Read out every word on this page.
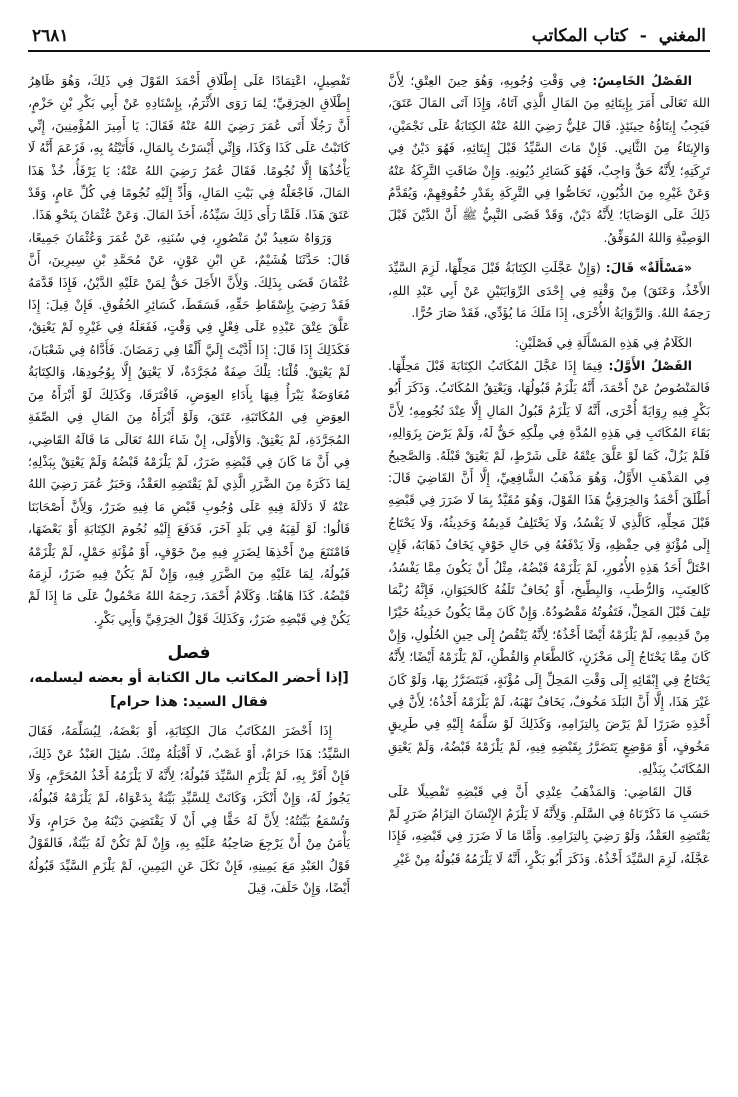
المغني - كتاب المكاتب
٢٦٨١

الفَصْلُ الخَامِسُ: فِي وَقْتِ وُجُوبِهِ، وَهُوَ حِينَ العِتْقِ؛ لِأَنَّ اللهَ تَعَالَى أَمَرَ بِإِيتَائِهِ مِنَ المَالِ الَّذِي آتَاهُ، وَإِذَا آتَى المَالَ عَتَقَ، فَيَجِبُ إِيتَاؤُهُ حِينَئِذٍ. قَالَ عَلِيٌّ رَضِيَ اللهُ عَنْهُ الكِتَابَةُ عَلَى نَجْمَيْنِ، وَالإِيتَاءُ مِنَ الثَّانِي. فَإِنْ مَاتَ السَّيِّدُ قَبْلَ إِيتَائِهِ، فَهُوَ دَيْنٌ فِي تَرِكَتِهِ؛ لِأَنَّهُ حَقٌّ وَاجِبٌ، فَهُوَ كَسَائِرِ دُيُونِهِ. وَإِنْ ضَاقَتِ التَّرِكَةُ عَنْهُ وَعَنْ غَيْرِهِ مِنَ الدُّيُونِ، تَحَاصُّوا فِي التَّرِكَةِ بِقَدْرِ حُقُوقِهِمْ، وَيُقَدَّمُ ذَلِكَ عَلَى الوَصَايَا؛ لِأَنَّهُ دَيْنٌ، وَقَدْ قَضَى النَّبِيُّ ﷺ أَنَّ الدَّيْنَ قَبْلَ الوَصِيَّةِ وَاللهُ المُوَفِّقُ.

«مَسْأَلَةٌ» قَالَ: (وَإِنْ عَجَّلَتِ الكِتَابَةُ قَبْلَ مَحِلِّهَا، لَزِمَ السَّيِّدَ الأَخْذُ، وَعَتَقَ) مِنْ وَقْتِهِ فِي إِحْدَى الرِّوَايَتَيْنِ عَنْ أَبِي عَبْدِ اللهِ، رَحِمَهُ اللهُ. وَالرِّوَايَةُ الأُخْرَى، إِذَا مَلَكَ مَا يُؤَدِّي، فَقَدْ صَارَ حُرًّا.

الكَلَامُ فِي هَذِهِ المَسْأَلَةِ فِي فَصْلَيْنِ:

الفَصْلُ الأَوَّلُ: فِيمَا إِذَا عَجَّلَ المُكَاتَبُ الكِتَابَةَ قَبْلَ مَحِلِّهَا. فَالمَنْصُوصُ عَنْ أَحْمَدَ، أَنَّهُ يَلْزَمُ قَبُولُهَا، وَيَعْتِقُ المُكَاتَبُ. وَذَكَرَ أَبُو بَكْرٍ فِيهِ رِوَايَةً أُخْرَى، أَنَّهُ لَا يَلْزَمُ قَبُولُ المَالِ إِلَّا عِنْدَ نُجُومِهِ؛ لِأَنَّ بَقَاءَ المُكَاتَبِ فِي هَذِهِ المُدَّةِ فِي مِلْكِهِ حَقٌّ لَهُ، وَلَمْ يَرْضَ بِزَوَالِهِ، فَلَمْ يَزُلْ، كَمَا لَوْ عَلَّقَ عِتْقَهُ عَلَى شَرْطٍ، لَمْ يَعْتِقْ قَبْلَهُ. وَالصَّحِيحُ فِي المَذْهَبِ الأَوَّلُ، وَهُوَ مَذْهَبُ الشَّافِعِيِّ، إِلَّا أَنَّ القَاضِيَ قَالَ: أَطْلَقَ أَحْمَدُ وَالخِرَقِيُّ هَذَا القَوْلَ، وَهُوَ مُقَيَّدٌ بِمَا لَا ضَرَرَ فِي قَبْضِهِ قَبْلَ مَحِلِّهِ، كَالَّذِي لَا يَفْسُدُ، وَلَا يَخْتَلِفُ قَدِيمُهُ وَحَدِيثُهُ، وَلَا يَحْتَاجُ إِلَى مُؤْنَةٍ فِي حِفْظِهِ، وَلَا يَدْفَعُهُ فِي حَالِ خَوْفٍ يَخَافُ ذَهَابَهُ، فَإِنِ اخْتَلَّ أَحَدُ هَذِهِ الأُمُورِ، لَمْ يَلْزَمْهُ قَبْضُهُ، مِثْلُ أَنْ يَكُونَ مِمَّا يَفْسُدُ، كَالعِنَبِ، وَالرُّطَبِ، وَالبِطِّيخِ، أَوْ يُخَافُ تَلَفُهُ كَالحَيَوَانِ، فَإِنَّهُ رُبَّمَا تَلِفَ قَبْلَ المَحِلِّ، فَتَفُوتُهُ مَقْصُودُهُ. وَإِنْ كَانَ مِمَّا يَكُونُ حَدِيثُهُ خَيْرًا مِنْ قَدِيمِهِ، لَمْ يَلْزَمْهُ أَيْضًا أَخْذُهُ؛ لِأَنَّهُ يَنْقُصُ إِلَى حِينِ الحُلُولِ، وَإِنْ كَانَ مِمَّا يَحْتَاجُ إِلَى مَخْزَنٍ، كَالطَّعَامِ وَالقُطْنِ، لَمْ يَلْزَمْهُ أَيْضًا؛ لِأَنَّهُ يَحْتَاجُ فِي إِبْقَائِهِ إِلَى وَقْتِ المَحِلِّ إِلَى مُؤْنَةٍ، فَيَتَضَرَّرُ بِهَا، وَلَوْ كَانَ غَيْرَ هَذَا، إِلَّا أَنَّ البَلَدَ مَخُوفٌ، يَخَافُ نَهْبَهُ، لَمْ يَلْزَمْهُ أَخْذُهُ؛ لِأَنَّ فِي أَخْذِهِ ضَرَرًا لَمْ يَرْضَ بِالتِزَامِهِ، وَكَذَلِكَ لَوْ سَلَّمَهُ إِلَيْهِ فِي طَرِيقٍ مَخُوفٍ، أَوْ مَوْضِعٍ يَتَضَرَّرُ بِقَبْضِهِ فِيهِ، لَمْ يَلْزَمْهُ قَبْضُهُ، وَلَمْ يَعْتِقِ المُكَاتَبُ بِبَذْلِهِ.

قَالَ القَاضِي: وَالمَذْهَبُ عِنْدِي أَنَّ فِي قَبْضِهِ تَفْصِيلًا عَلَى حَسَبِ مَا ذَكَرْنَاهُ فِي السَّلَمِ. وَلِأَنَّهُ لَا يَلْزَمُ الإِنْسَانَ التِزَامُ ضَرَرٍ لَمْ يَقْتَضِهِ العَقْدُ، وَلَوْ رَضِيَ بِالتِزَامِهِ. وَأَمَّا مَا لَا ضَرَرَ فِي قَبْضِهِ، فَإِذَا عَجَّلَهُ، لَزِمَ السَّيِّدَ أَخْذُهُ. وَذَكَرَ أَبُو بَكْرٍ، أَنَّهُ لَا يَلْزَمُهُ قَبُولُهُ مِنْ غَيْرِ

تَفْصِيلٍ، اعْتِمَادًا عَلَى إِطْلَاقِ أَحْمَدَ القَوْلَ فِي ذَلِكَ، وَهُوَ ظَاهِرُ إِطْلَاقِ الخِرَقِيِّ؛ لِمَا رَوَى الأَثْرَمُ، بِإِسْنَادِهِ عَنْ أَبِي بَكْرِ بْنِ حَزْمٍ، أَنَّ رَجُلًا أَتَى عُمَرَ رَضِيَ اللهُ عَنْهُ فَقَالَ: يَا أَمِيرَ المُؤْمِنِينَ، إِنِّي كَاتَبْتُ عَلَى كَذَا وَكَذَا، وَإِنِّي أَيْسَرْتُ بِالمَالِ، فَأَتَيْتُهُ بِهِ، فَزَعَمَ أَنَّهُ لَا يَأْخُذُهَا إِلَّا نُجُومًا. فَقَالَ عُمَرُ رَضِيَ اللهُ عَنْهُ: يَا يَرْفَأُ، خُذْ هَذَا المَالَ، فَاجْعَلْهُ فِي بَيْتِ المَالِ، وَأَدِّ إِلَيْهِ نُجُومًا فِي كُلِّ عَامٍ، وَقَدْ عَتَقَ هَذَا. فَلَمَّا رَأَى ذَلِكَ سَيِّدُهُ، أَخَذَ المَالَ. وَعَنْ عُثْمَانَ بِنَحْوِ هَذَا.

وَرَوَاهُ سَعِيدُ بْنُ مَنْصُورٍ، فِي سُنَنِهِ، عَنْ عُمَرَ وَعُثْمَانَ جَمِيعًا، قَالَ: حَدَّثَنَا هُشَيْمٌ، عَنِ ابْنِ عَوْنٍ، عَنْ مُحَمَّدِ بْنِ سِيرِينَ، أَنَّ عُثْمَانَ قَضَى بِذَلِكَ. وَلِأَنَّ الأَجَلَ حَقٌّ لِمَنْ عَلَيْهِ الدَّيْنُ، فَإِذَا قَدَّمَهُ فَقَدْ رَضِيَ بِإِسْقَاطِ حَقِّهِ، فَسَقَطَ، كَسَائِرِ الحُقُوقِ. فَإِنْ قِيلَ: إِذَا عَلَّقَ عِتْقَ عَبْدِهِ عَلَى فِعْلٍ فِي وَقْتٍ، فَفَعَلَهُ فِي غَيْرِهِ لَمْ يَعْتِقْ، فَكَذَلِكَ إِذَا قَالَ: إِذَا أَدَّيْتَ إِلَيَّ أَلْفًا فِي رَمَضَانَ. فَأَدَّاهُ فِي شَعْبَانَ، لَمْ يَعْتِقْ. قُلْنَا: تِلْكَ صِفَةٌ مُجَرَّدَةٌ، لَا يَعْتِقُ إِلَّا بِوُجُودِهَا، وَالكِتَابَةُ مُعَاوَضَةٌ يَبْرَأُ فِيهَا بِأَدَاءِ العِوَضِ، فَافْتَرَقَا، وَكَذَلِكَ لَوْ أَبْرَأَهُ مِنَ العِوَضِ فِي المُكَاتَبَةِ، عَتَقَ، وَلَوْ أَبْرَأَهُ مِنَ المَالِ فِي الصِّفَةِ المُجَرَّدَةِ، لَمْ يَعْتِقْ. وَالأَوْلَى، إِنْ شَاءَ اللهُ تَعَالَى مَا قَالَهُ القَاضِي، فِي أَنَّ مَا كَانَ فِي قَبْضِهِ ضَرَرٌ، لَمْ يَلْزَمْهُ قَبْضُهُ وَلَمْ يَعْتِقْ بِبَذْلِهِ؛ لِمَا ذَكَرَهُ مِنَ الضَّرَرِ الَّذِي لَمْ يَقْتَضِهِ العَقْدُ، وَخَبَرُ عُمَرَ رَضِيَ اللهُ عَنْهُ لَا دَلَالَةَ فِيهِ عَلَى وُجُوبِ قَبْضِ مَا فِيهِ ضَرَرٌ، وَلِأَنَّ أَصْحَابَنَا قَالُوا: لَوْ لَقِيَهُ فِي بَلَدٍ آخَرَ، فَدَفَعَ إِلَيْهِ نُجُومَ الكِتَابَةِ أَوْ بَعْضَهَا، فَامْتَنَعَ مِنْ أَخْذِهَا لِضَرَرٍ فِيهِ مِنْ خَوْفٍ، أَوْ مُؤْنَةِ حَمْلٍ، لَمْ يَلْزَمْهُ قَبُولُهُ، لِمَا عَلَيْهِ مِنَ الضَّرَرِ فِيهِ، وَإِنْ لَمْ يَكُنْ فِيهِ ضَرَرٌ، لَزِمَهُ قَبْضُهُ. كَذَا هَاهُنَا. وَكَلَامُ أَحْمَدَ، رَحِمَهُ اللهُ مَحْمُولٌ عَلَى مَا إِذَا لَمْ يَكُنْ فِي قَبْضِهِ ضَرَرٌ، وَكَذَلِكَ قَوْلُ الخِرَقِيِّ وَأَبِي بَكْرٍ.

فصل
[إذا أحضر المكاتب مال الكتابة أو بعضه ليسلمه،
فقال السيد: هذا حرام]

إِذَا أَحْضَرَ المُكَاتَبُ مَالَ الكِتَابَةِ، أَوْ بَعْضَهُ، لِيُسَلِّمَهُ، فَقَالَ السَّيِّدُ: هَذَا حَرَامٌ، أَوْ غَصْبٌ، لَا أَقْبَلُهُ مِنْكَ. سُئِلَ العَبْدُ عَنْ ذَلِكَ، فَإِنْ أَقَرَّ بِهِ، لَمْ يَلْزَمِ السَّيِّدَ قَبُولُهُ؛ لِأَنَّهُ لَا يَلْزَمُهُ أَخْذُ المُحَرَّمِ، وَلَا يَجُوزُ لَهُ، وَإِنْ أَنْكَرَ، وَكَانَتْ لِلسَّيِّدِ بَيِّنَةٌ بِدَعْوَاهُ، لَمْ يَلْزَمْهُ قَبُولُهُ، وَتُسْمَعُ بَيِّنَتُهُ؛ لِأَنَّ لَهُ حَقًّا فِي أَنْ لَا يَقْتَضِيَ دَيْنَهُ مِنْ حَرَامٍ، وَلَا يَأْمَنُ مِنْ أَنْ يَرْجِعَ صَاحِبُهُ عَلَيْهِ بِهِ، وَإِنْ لَمْ تَكُنْ لَهُ بَيِّنَةٌ، فَالقَوْلُ قَوْلُ العَبْدِ مَعَ يَمِينِهِ، فَإِنْ نَكَلَ عَنِ اليَمِينِ، لَمْ يَلْزَمِ السَّيِّدَ قَبُولُهُ أَيْضًا، وَإِنْ حَلَفَ، قِيلَ
